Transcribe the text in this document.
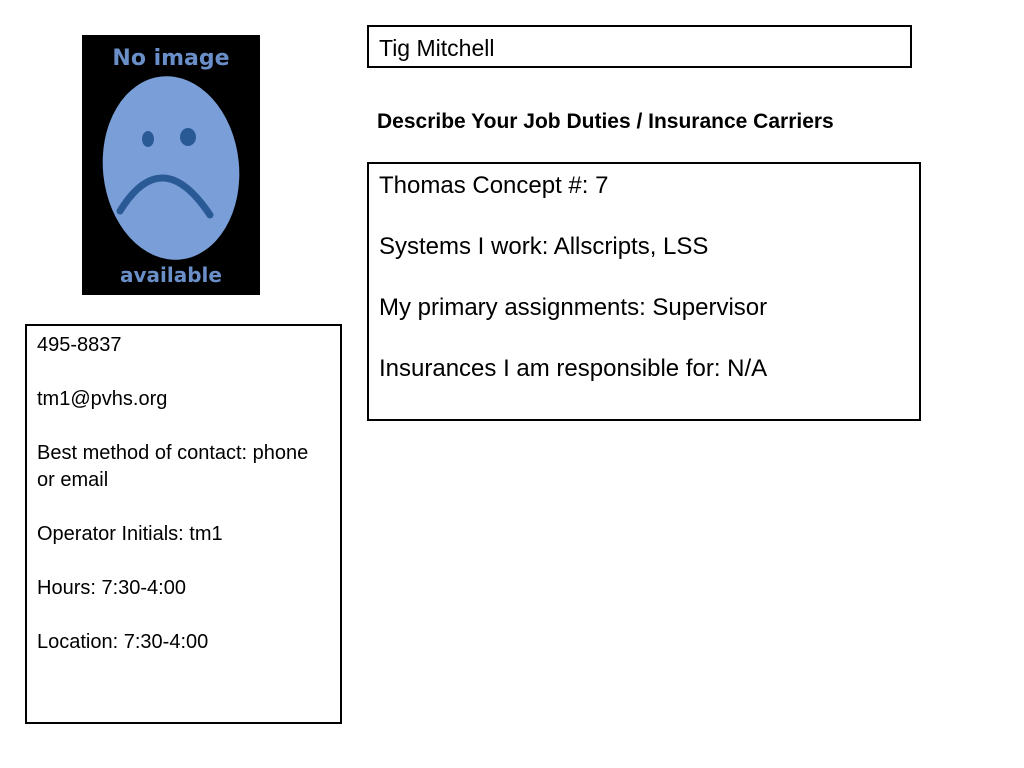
No image
available
Tig Mitchell
Describe Your Job Duties / Insurance Carriers
Thomas Concept #: 7
Systems I work: Allscripts, LSS
My primary assignments: Supervisor
Insurances I am responsible for: N/A
495-8837
tm1@pvhs.org
Best method of contact: phone or email
Operator Initials: tm1
Hours: 7:30-4:00
Location: 7:30-4:00
